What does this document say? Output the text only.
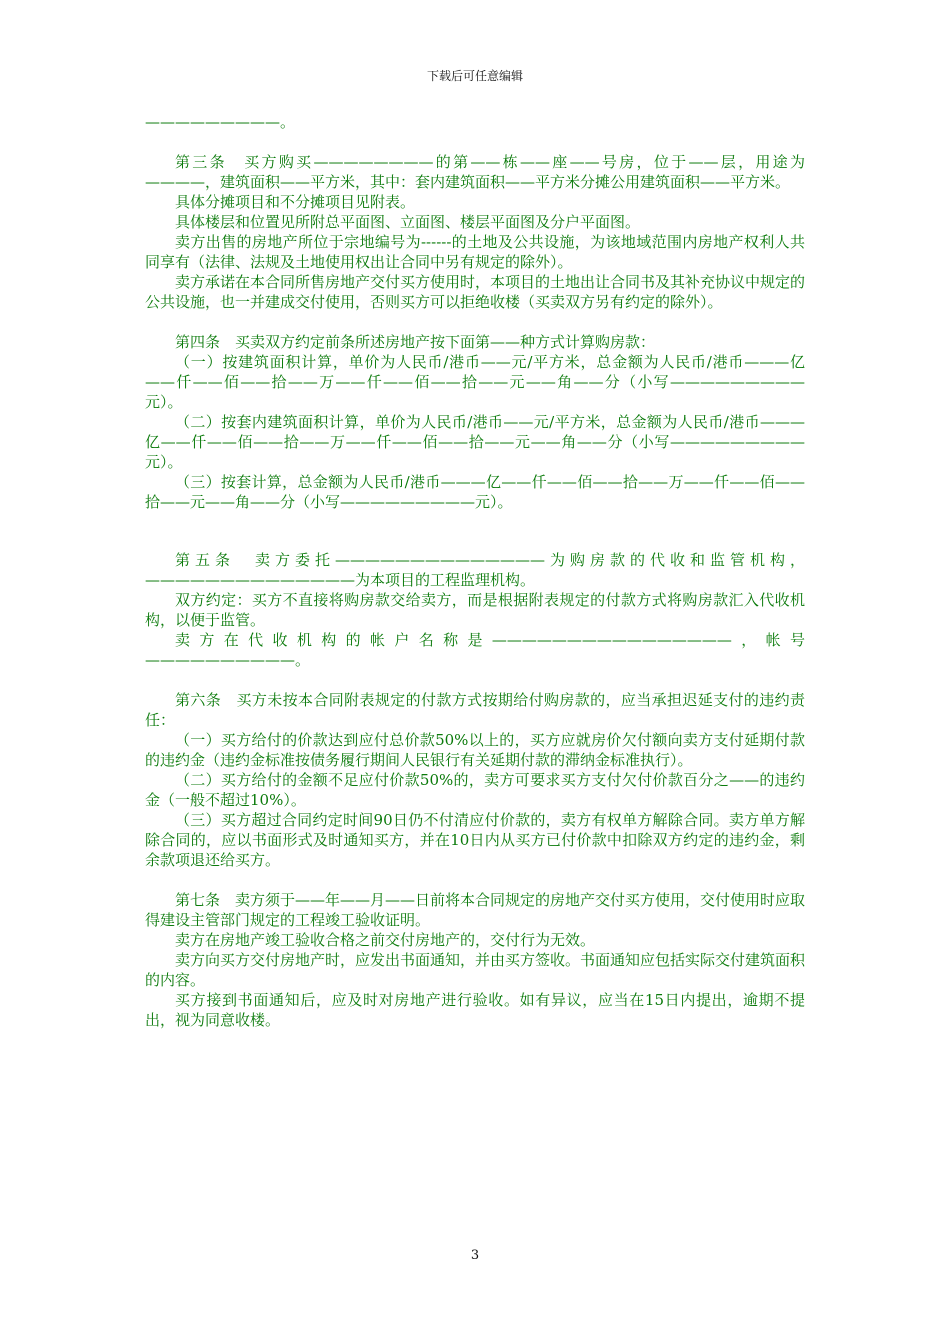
下载后可任意编辑

—————————。

第三条　买方购买————————的第——栋——座——号房，位于——层，用途为————，建筑面积——平方米，其中：套内建筑面积——平方米分摊公用建筑面积——平方米。

具体分摊项目和不分摊项目见附表。

具体楼层和位置见所附总平面图、立面图、楼层平面图及分户平面图。

卖方出售的房地产所位于宗地编号为------的土地及公共设施，为该地域范围内房地产权利人共同享有（法律、法规及土地使用权出让合同中另有规定的除外）。

卖方承诺在本合同所售房地产交付买方使用时，本项目的土地出让合同书及其补充协议中规定的公共设施，也一并建成交付使用，否则买方可以拒绝收楼（买卖双方另有约定的除外）。

第四条　买卖双方约定前条所述房地产按下面第——种方式计算购房款：

（一）按建筑面积计算，单价为人民币/港币——元/平方米，总金额为人民币/港币———亿——仟——佰——拾——万——仟——佰——拾——元——角——分（小写—————————元）。

（二）按套内建筑面积计算，单价为人民币/港币——元/平方米，总金额为人民币/港币———亿——仟——佰——拾——万——仟——佰——拾——元——角——分（小写—————————元）。

（三）按套计算，总金额为人民币/港币———亿——仟——佰——拾——万——仟——佰——拾——元——角——分（小写—————————元）。

第五条　卖方委托——————————————为购房款的代收和监管机构，——————————————为本项目的工程监理机构。

双方约定：买方不直接将购房款交给卖方，而是根据附表规定的付款方式将购房款汇入代收机构，以便于监管。

卖方在代收机构的帐户名称是————————————————，帐号——————————。

第六条　买方未按本合同附表规定的付款方式按期给付购房款的，应当承担迟延支付的违约责任：

（一）买方给付的价款达到应付总价款50%以上的，买方应就房价欠付额向卖方支付延期付款的违约金（违约金标准按债务履行期间人民银行有关延期付款的滞纳金标准执行）。

（二）买方给付的金额不足应付价款50%的，卖方可要求买方支付欠付价款百分之——的违约金（一般不超过10%）。

（三）买方超过合同约定时间90日仍不付清应付价款的，卖方有权单方解除合同。卖方单方解除合同的，应以书面形式及时通知买方，并在10日内从买方已付价款中扣除双方约定的违约金，剩余款项退还给买方。

第七条　卖方须于——年——月——日前将本合同规定的房地产交付买方使用，交付使用时应取得建设主管部门规定的工程竣工验收证明。

卖方在房地产竣工验收合格之前交付房地产的，交付行为无效。

卖方向买方交付房地产时，应发出书面通知，并由买方签收。书面通知应包括实际交付建筑面积的内容。

买方接到书面通知后，应及时对房地产进行验收。如有异议，应当在15日内提出，逾期不提出，视为同意收楼。

3
